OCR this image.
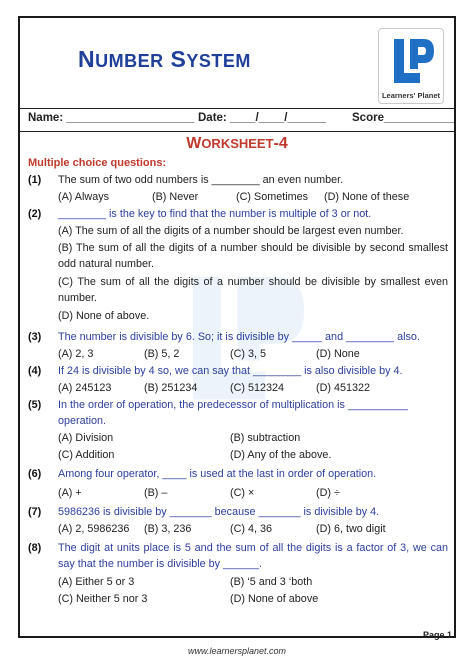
NUMBER SYSTEM
Learners' Planet
Name: ____________________ Date: ____/____/______ Score___________
WORKSHEET-4
Multiple choice questions:
(1) The sum of two odd numbers is ________ an even number.
(A) Always	(B) Never	(C) Sometimes (D) None of these
(2) ________ is the key to find that the number is multiple of 3 or not.
(A) The sum of all the digits of a number should be largest even number.
(B) The sum of all the digits of a number should be divisible by second smallest odd natural number.
(C) The sum of all the digits of a number should be divisible by smallest even number.
(D) None of above.
(3) The number is divisible by 6. So; it is divisible by _____ and ________ also.
(A) 2, 3	(B) 5, 2	(C) 3, 5	(D) None
(4) If 24 is divisible by 4 so, we can say that ________ is also divisible by 4.
(A) 245123	(B) 251234	(C) 512324	(D) 451322
(5) In the order of operation, the predecessor of multiplication is __________ operation.
(A) Division	(B) subtraction
(C) Addition	(D) Any of the above.
(6) Among four operator, ____ is used at the last in order of operation.
(A) +	(B) –	(C) ×	(D) ÷
(7) 5986236 is divisible by _______ because _______ is divisible by 4.
(A) 2, 5986236 (B) 3, 236	(C) 4, 36	(D) 6, two digit
(8) The digit at units place is 5 and the sum of all the digits is a factor of 3, we can say that the number is divisible by ______.
(A) Either 5 or 3	(B) ‘5 and 3 ‘both
(C) Neither 5 nor 3	(D) None of above
Page 1
www.learnersplanet.com
